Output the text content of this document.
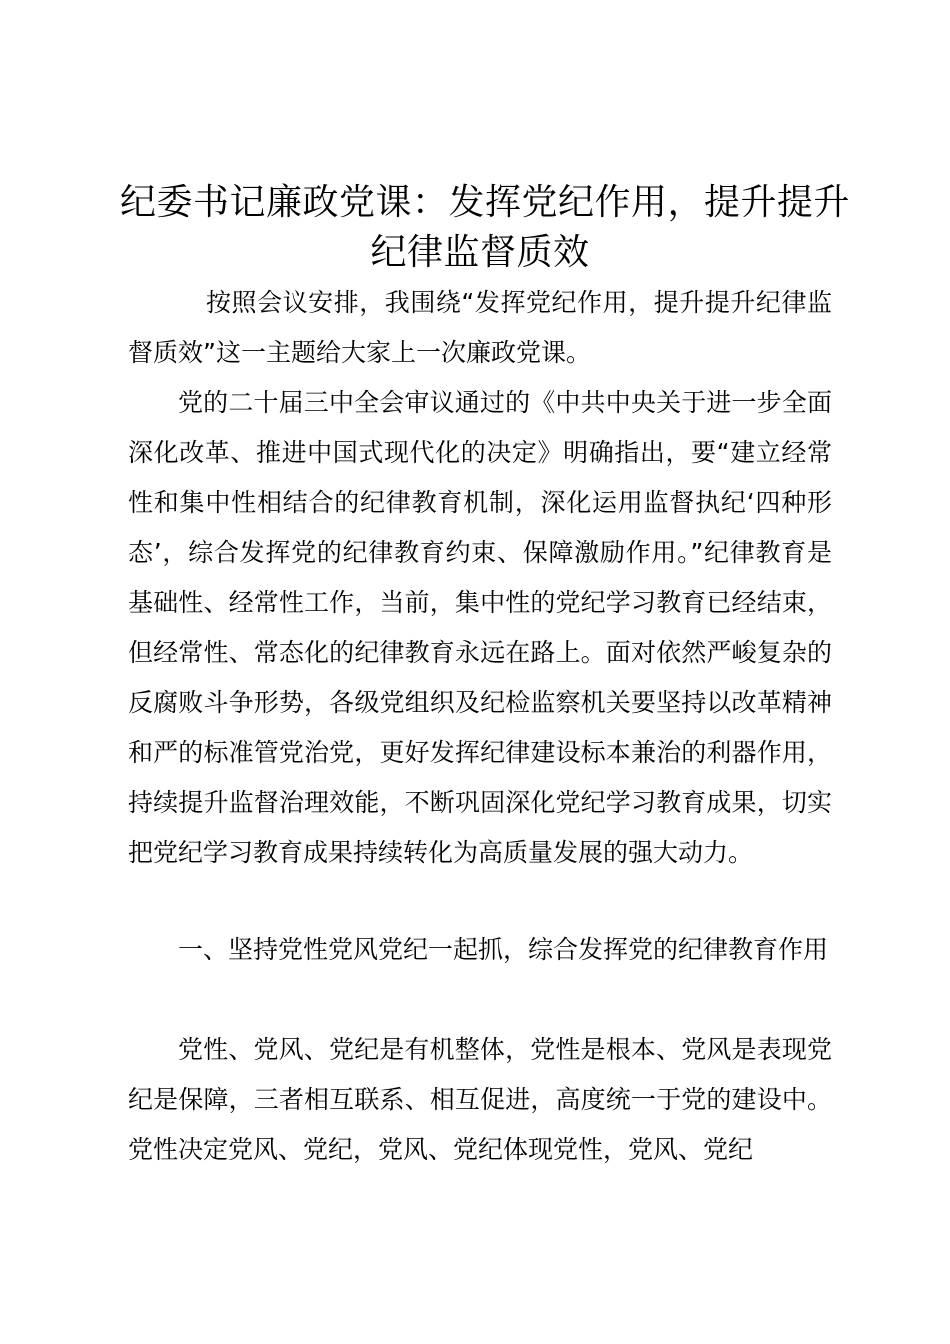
纪委书记廉政党课：发挥党纪作用，提升提升
纪律监督质效

按照会议安排，我围绕“发挥党纪作用，提升提升纪律监督质效”这一主题给大家上一次廉政党课。

党的二十届三中全会审议通过的《中共中央关于进一步全面深化改革、推进中国式现代化的决定》明确指出，要“建立经常性和集中性相结合的纪律教育机制，深化运用监督执纪‘四种形态’，综合发挥党的纪律教育约束、保障激励作用。”纪律教育是基础性、经常性工作，当前，集中性的党纪学习教育已经结束，但经常性、常态化的纪律教育永远在路上。面对依然严峻复杂的反腐败斗争形势，各级党组织及纪检监察机关要坚持以改革精神和严的标准管党治党，更好发挥纪律建设标本兼治的利器作用，持续提升监督治理效能，不断巩固深化党纪学习教育成果，切实把党纪学习教育成果持续转化为高质量发展的强大动力。

一、坚持党性党风党纪一起抓，综合发挥党的纪律教育作用

党性、党风、党纪是有机整体，党性是根本、党风是表现党纪是保障，三者相互联系、相互促进，高度统一于党的建设中。党性决定党风、党纪，党风、党纪体现党性，党风、党纪
